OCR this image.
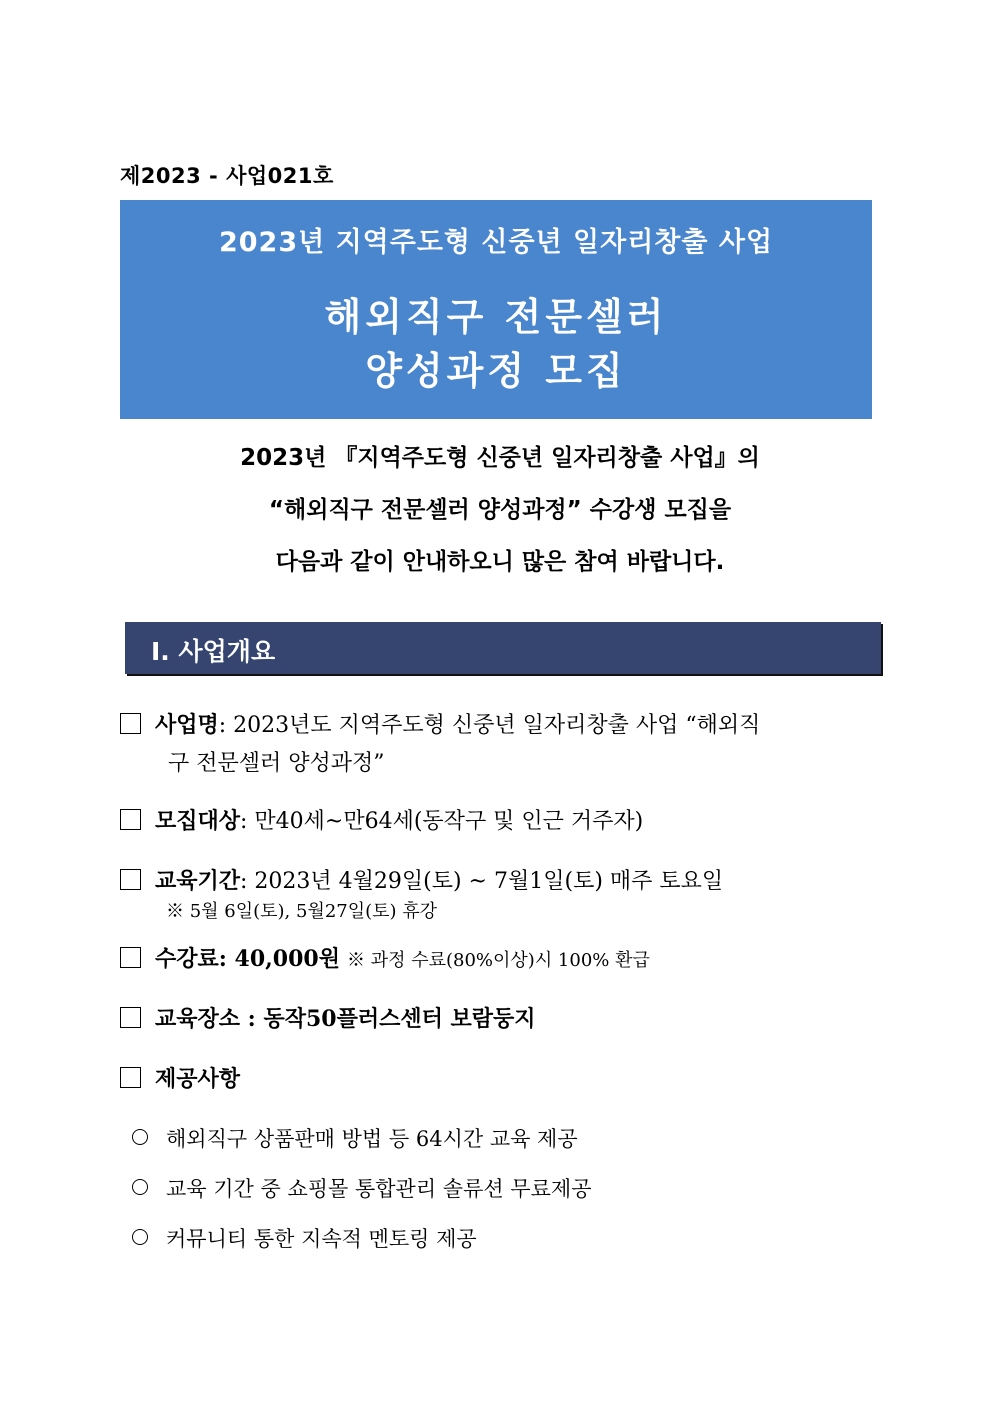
제2023 - 사업021호
2023년 지역주도형 신중년 일자리창출 사업
해외직구 전문셀러
양성과정 모집
2023년 『지역주도형 신중년 일자리창출 사업』의
“해외직구 전문셀러 양성과정” 수강생 모집을
다음과 같이 안내하오니 많은 참여 바랍니다.
Ⅰ. 사업개요
사업명: 2023년도 지역주도형 신중년 일자리창출 사업 “해외직
구 전문셀러 양성과정”
모집대상: 만40세~만64세(동작구 및 인근 거주자)
교육기간: 2023년 4월29일(토) ~ 7월1일(토) 매주 토요일
※ 5월 6일(토), 5월27일(토) 휴강
수강료: 40,000원 ※ 과정 수료(80%이상)시 100% 환급
교육장소 : 동작50플러스센터 보람둥지
제공사항
해외직구 상품판매 방법 등 64시간 교육 제공
교육 기간 중 쇼핑몰 통합관리 솔류션 무료제공
커뮤니티 통한 지속적 멘토링 제공
